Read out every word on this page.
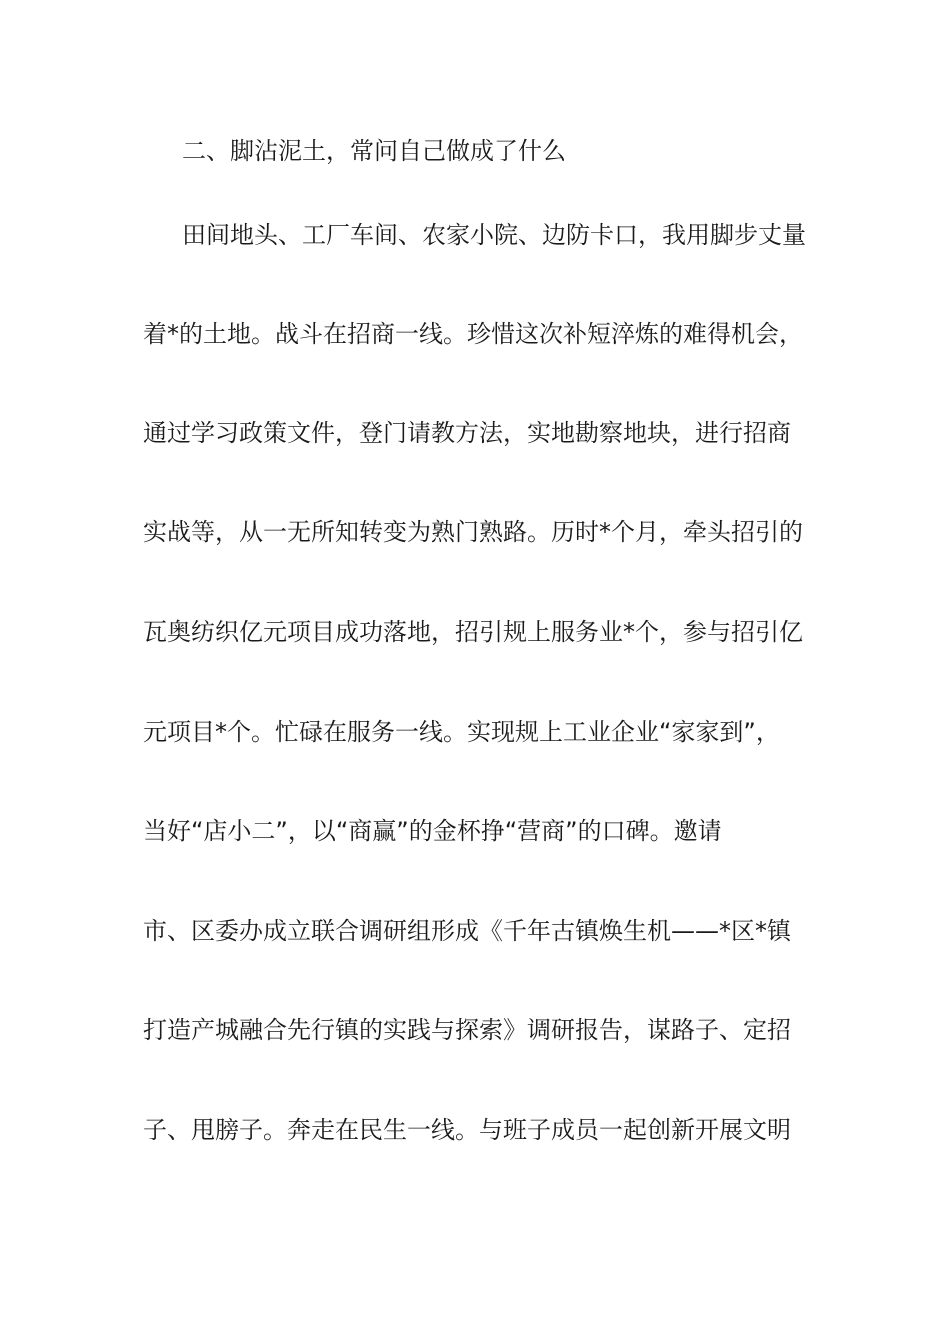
二、脚沾泥土，常问自己做成了什么
田间地头、工厂车间、农家小院、边防卡口，我用脚步丈量
着*的土地。战斗在招商一线。珍惜这次补短淬炼的难得机会，
通过学习政策文件，登门请教方法，实地勘察地块，进行招商
实战等，从一无所知转变为熟门熟路。历时*个月，牵头招引的
瓦奥纺织亿元项目成功落地，招引规上服务业*个，参与招引亿
元项目*个。忙碌在服务一线。实现规上工业企业“家家到”，
当好“店小二”，以“商赢”的金杯挣“营商”的口碑。邀请
市、区委办成立联合调研组形成《千年古镇焕生机——*区*镇
打造产城融合先行镇的实践与探索》调研报告，谋路子、定招
子、甩膀子。奔走在民生一线。与班子成员一起创新开展文明
